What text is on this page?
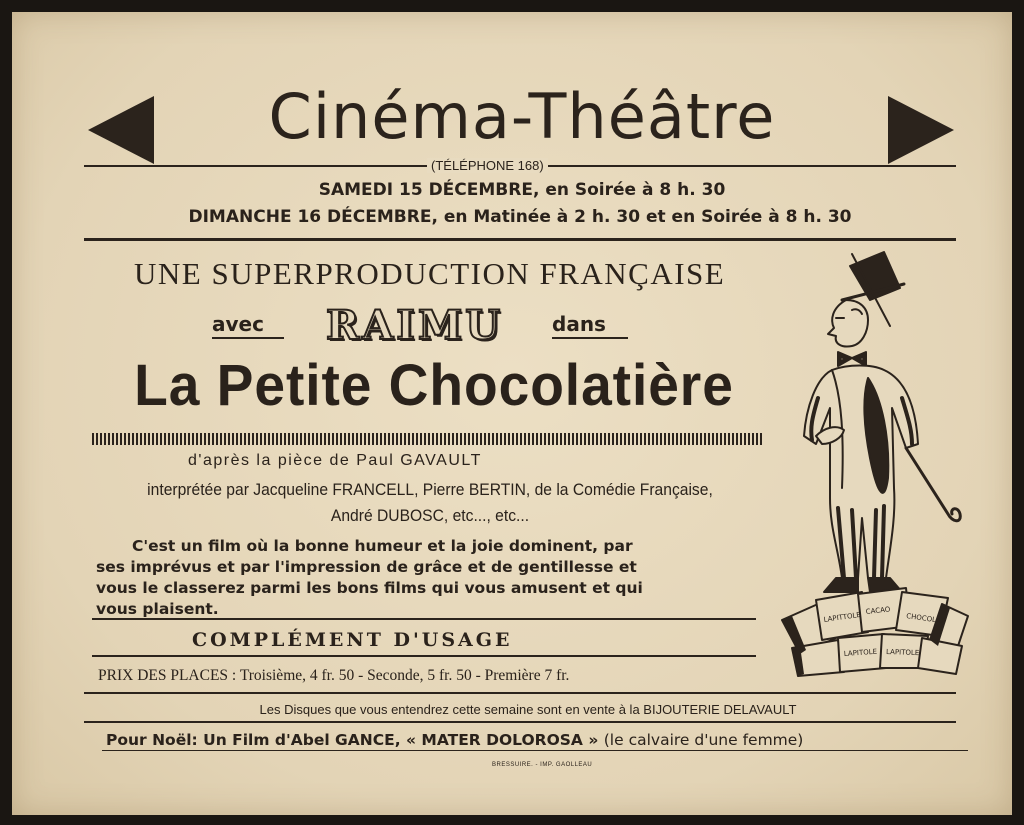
Cinéma-Théâtre
(TÉLÉPHONE 168)
SAMEDI 15 DÉCEMBRE, en Soirée à 8 h. 30
DIMANCHE 16 DÉCEMBRE, en Matinée à 2 h. 30 et en Soirée à 8 h. 30
UNE SUPERPRODUCTION FRANÇAISE
avec RAIMU dans
La Petite Chocolatière
d'après la pièce de Paul GAVAULT
interprétée par Jacqueline FRANCELL, Pierre BERTIN, de la Comédie Française,
André DUBOSC, etc..., etc...
C'est un film où la bonne humeur et la joie dominent, par
ses imprévus et par l'impression de grâce et de gentillesse et
vous le classerez parmi les bons films qui vous amusent et qui
vous plaisent.
COMPLÉMENT D'USAGE
PRIX DES PLACES : Troisième, 4 fr. 50 - Seconde, 5 fr. 50 - Première 7 fr.
Les Disques que vous entendrez cette semaine sont en vente à la BIJOUTERIE DELAVAULT
Pour Noël: Un Film d'Abel GANCE, « MATER DOLOROSA » (le calvaire d'une femme)
BRESSUIRE. - IMP. GAOLLEAU
LAPITTOLE
CACAO
LAPITOLE
CHOCOLAT
LAPITOLE
